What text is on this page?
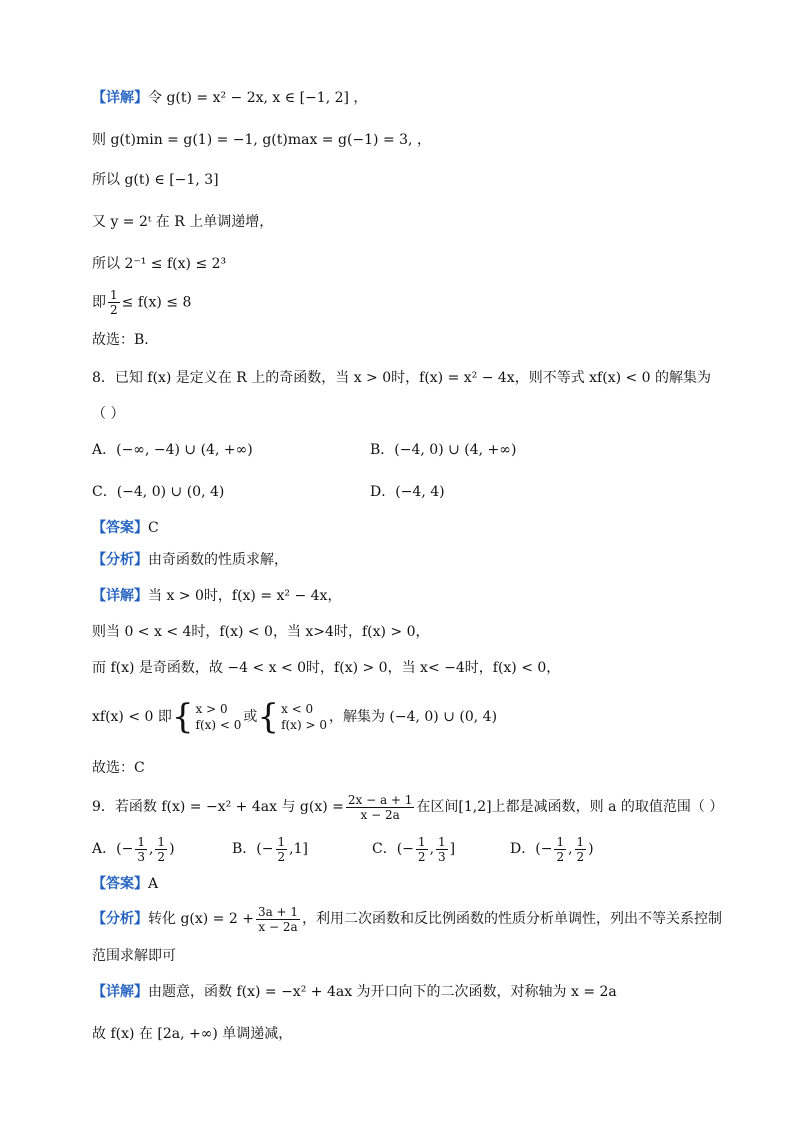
【详解】令 g(t) = x² − 2x, x ∈ [−1, 2] ，
则 g(t)min = g(1) = −1, g(t)max = g(−1) = 3, ，
所以 g(t) ∈ [−1, 3]
又 y = 2ᵗ 在 R 上单调递增，
所以 2⁻¹ ≤ f(x) ≤ 2³
即 $\frac{1}{2} \le f(x) \le 8$
故选：B.
8．已知 f(x) 是定义在 R 上的奇函数，当 x > 0时，f(x) = x² − 4x，则不等式 xf(x) < 0 的解集为
（ ）
A．(−∞, −4) ∪ (4, +∞)	B．(−4, 0) ∪ (4, +∞)
C．(−4, 0) ∪ (0, 4)	D．(−4, 4)
【答案】C
【分析】由奇函数的性质求解，
【详解】当 x > 0时，f(x) = x² − 4x，
则当 0 < x < 4时，f(x) < 0，当 x>4时，f(x) > 0，
而 f(x) 是奇函数，故 −4 < x < 0时，f(x) > 0，当 x< −4时，f(x) < 0，
xf(x) < 0 即{ x > 0
f(x) < 0 或{ x < 0
f(x) > 0 ，解集为 (−4, 0) ∪ (0, 4)
故选：C
9．若函数 f(x) = −x² + 4ax 与 $g(x) = \frac{2x - a + 1}{x - 2a}$ 在区间[1,2]上都是减函数，则 a 的取值范围（ ）
A．(− $\frac{1}{3}$ , $\frac{1}{2}$ )	B．(− $\frac{1}{2} ,1$]	C．(− $\frac{1}{2}$ , $\frac{1}{3}$ ]	D．(− $\frac{1}{2}$ , $\frac{1}{2}$ )
【答案】A
【分析】转化 $g(x) = 2 + \frac{3a + 1}{x - 2a}$ ，利用二次函数和反比例函数的性质分析单调性，列出不等关系控制
范围求解即可
【详解】由题意，函数 f(x) = −x² + 4ax 为开口向下的二次函数，对称轴为 x = 2a
故 f(x) 在 [2a, +∞) 单调递减，
